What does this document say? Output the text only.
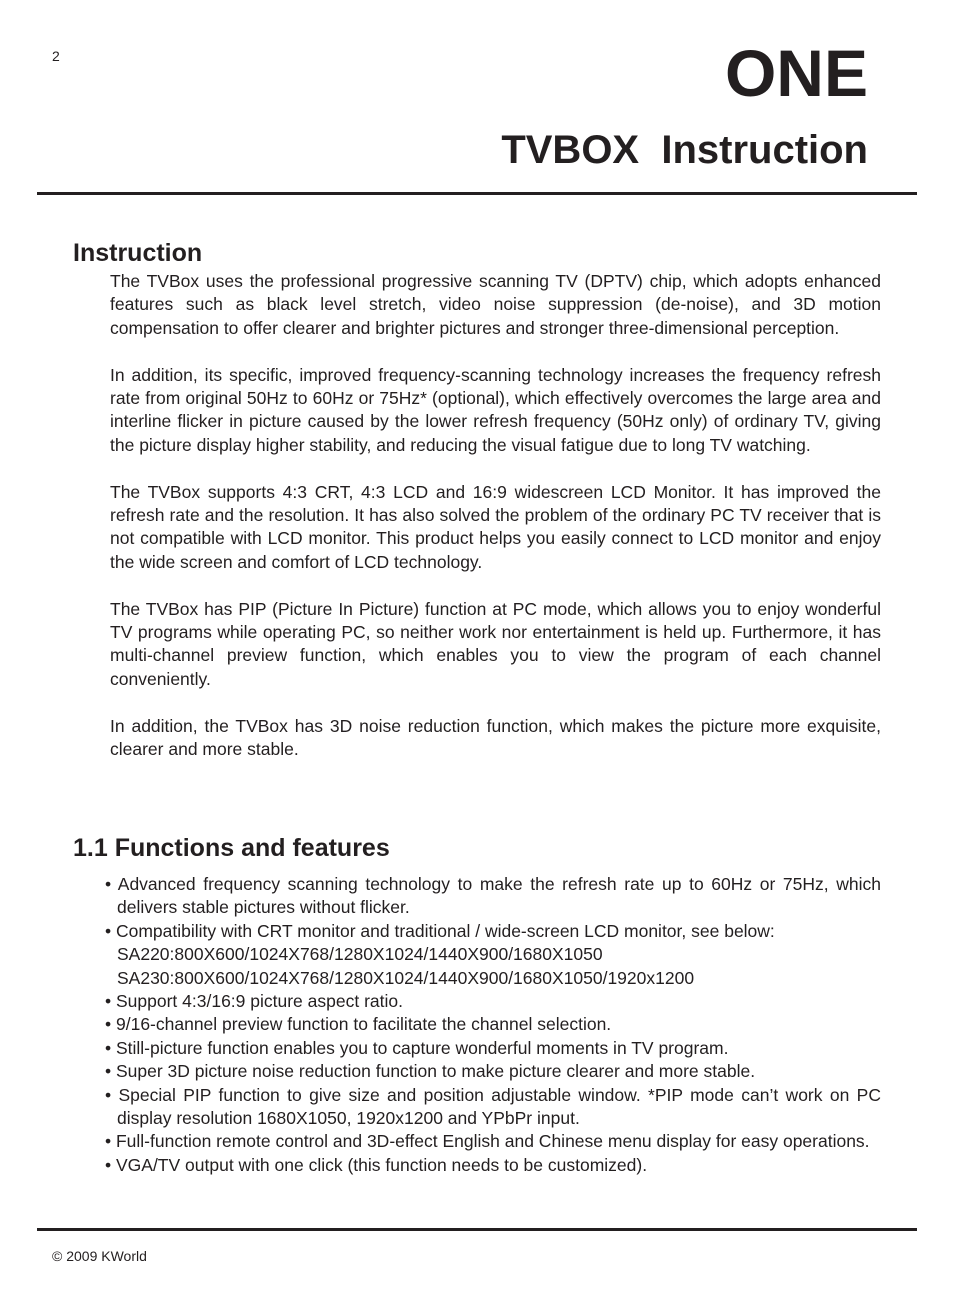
2	ONE
TVBOX  Instruction
Instruction

The TVBox uses the professional progressive scanning TV (DPTV) chip, which adopts enhanced features such as black level stretch, video noise suppression (de-noise), and 3D motion compensation to offer clearer and brighter pictures and stronger three-dimensional perception.

In addition, its specific, improved frequency-scanning technology increases the frequency refresh rate from original 50Hz to 60Hz or 75Hz* (optional), which effectively overcomes the large area and interline flicker in picture caused by the lower refresh frequency (50Hz only) of ordinary TV, giving the picture display higher stability, and reducing the visual fatigue due to long TV watching.

The TVBox supports 4:3 CRT, 4:3 LCD and 16:9 widescreen LCD Monitor. It has improved the refresh rate and the resolution. It has also solved the problem of the ordinary PC TV receiver that is not compatible with LCD monitor. This product helps you easily connect to LCD monitor and enjoy the wide screen and comfort of LCD technology.

The TVBox has PIP (Picture In Picture) function at PC mode, which allows you to enjoy wonderful TV programs while operating PC, so neither work nor entertainment is held up. Furthermore, it has multi-channel preview function, which enables you to view the program of each channel conveniently.

In addition, the TVBox has 3D noise reduction function, which makes the picture more exquisite, clearer and more stable.

1.1 Functions and features
• Advanced frequency scanning technology to make the refresh rate up to 60Hz or 75Hz, which delivers stable pictures without flicker.
• Compatibility with CRT monitor and traditional / wide-screen LCD monitor, see below:
SA220:800X600/1024X768/1280X1024/1440X900/1680X1050
SA230:800X600/1024X768/1280X1024/1440X900/1680X1050/1920x1200
• Support 4:3/16:9 picture aspect ratio.
• 9/16-channel preview function to facilitate the channel selection.
• Still-picture function enables you to capture wonderful moments in TV program.
• Super 3D picture noise reduction function to make picture clearer and more stable.
• Special PIP function to give size and position adjustable window. *PIP mode can’t work on PC display resolution 1680X1050, 1920x1200 and YPbPr input.
• Full-function remote control and 3D-effect English and Chinese menu display for easy operations.
• VGA/TV output with one click (this function needs to be customized).
© 2009 KWorld
